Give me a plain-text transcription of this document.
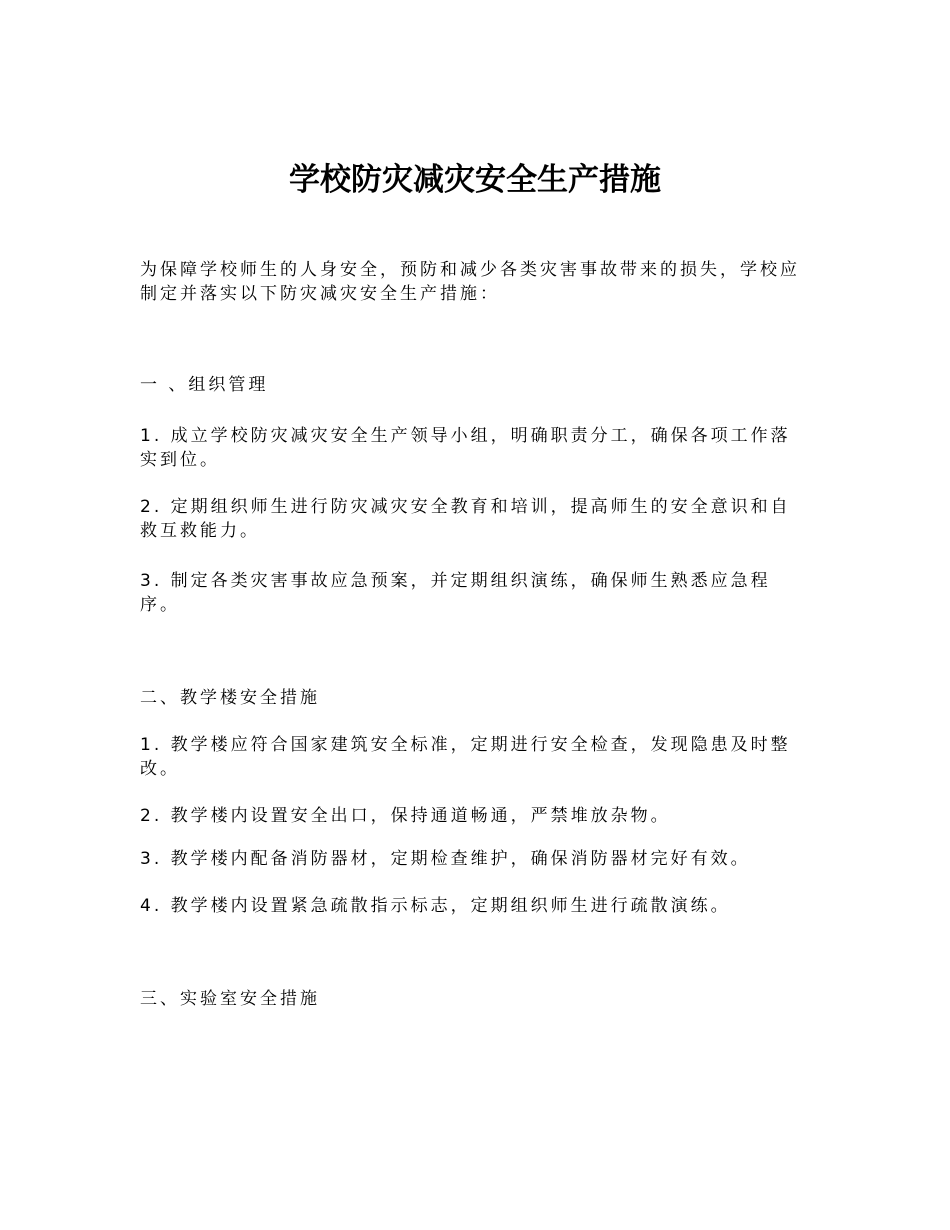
学校防灾减灾安全生产措施

为保障学校师生的人身安全，预防和减少各类灾害事故带来的损失，学校应制定并落实以下防灾减灾安全生产措施：

一 、组织管理

1. 成立学校防灾减灾安全生产领导小组，明确职责分工，确保各项工作落实到位。

2. 定期组织师生进行防灾减灾安全教育和培训，提高师生的安全意识和自救互救能力。

3. 制定各类灾害事故应急预案，并定期组织演练，确保师生熟悉应急程序。

二、教学楼安全措施

1. 教学楼应符合国家建筑安全标准，定期进行安全检查，发现隐患及时整改。

2. 教学楼内设置安全出口，保持通道畅通，严禁堆放杂物。

3. 教学楼内配备消防器材，定期检查维护，确保消防器材完好有效。

4. 教学楼内设置紧急疏散指示标志，定期组织师生进行疏散演练。

三、实验室安全措施
